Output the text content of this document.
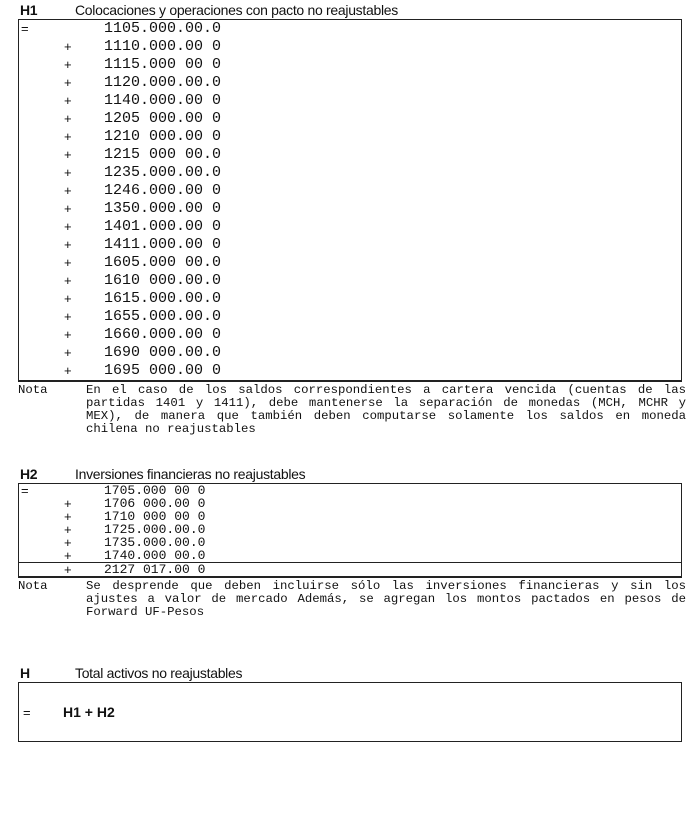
H1	Colocaciones y operaciones con pacto no reajustables
=	1105.000.00.0
+	1110.000.00 0
+	1115.000 00 0
+	1120.000.00.0
+	1140.000.00 0
+	1205 000.00 0
+	1210 000.00 0
+	1215 000 00.0
+	1235.000.00.0
+	1246.000.00 0
+	1350.000.00 0
+	1401.000.00 0
+	1411.000.00 0
+	1605.000 00.0
+	1610 000.00.0
+	1615.000.00.0
+	1655.000.00.0
+	1660.000.00 0
+	1690 000.00.0
+	1695 000.00 0
Nota	En el caso de los saldos correspondientes a cartera vencida (cuentas de las partidas 1401 y 1411), debe mantenerse la separación de monedas (MCH, MCHR y MEX), de manera que también deben computarse solamente los saldos en moneda chilena no reajustables
H2	Inversiones financieras no reajustables
=	1705.000 00 0
+	1706 000.00 0
+	1710 000 00 0
+	1725.000.00.0
+	1735.000.00.0
+	1740.000 00.0
+	2127 017.00 0
Nota	Se desprende que deben incluirse sólo las inversiones financieras y sin los ajustes a valor de mercado Además, se agregan los montos pactados en pesos de Forward UF-Pesos
H	Total activos no reajustables
=	H1 + H2
